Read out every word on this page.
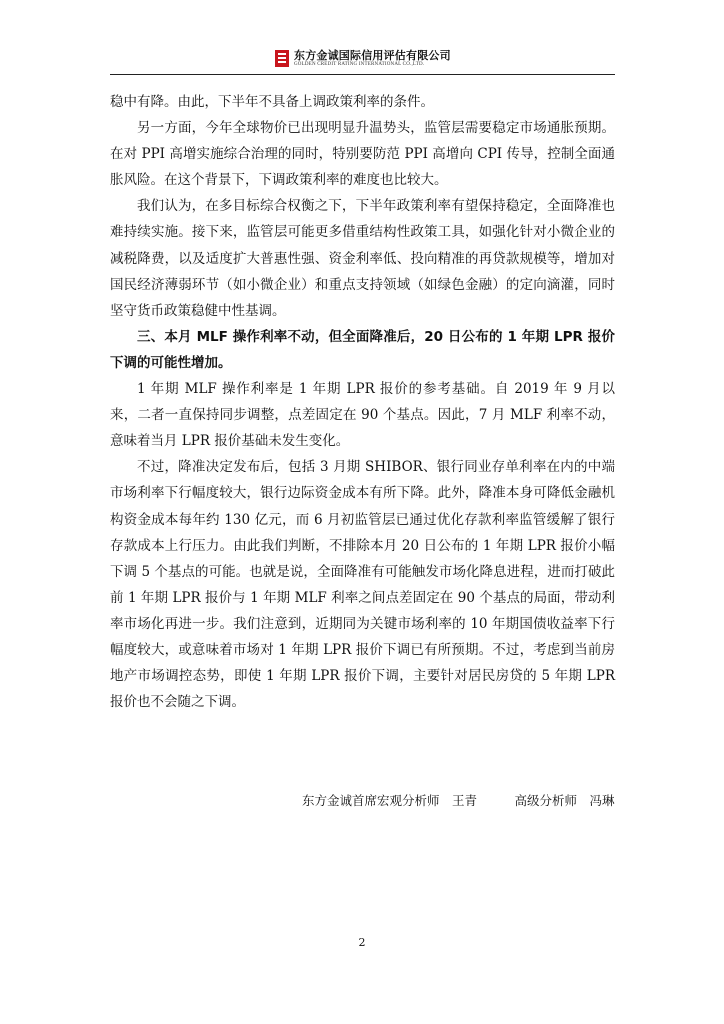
东方金诚国际信用评估有限公司
GOLDEN CREDIT RATING INTERNATIONAL CO.,LTD.

稳中有降。由此，下半年不具备上调政策利率的条件。

另一方面，今年全球物价已出现明显升温势头，监管层需要稳定市场通胀预期。在对 PPI 高增实施综合治理的同时，特别要防范 PPI 高增向 CPI 传导，控制全面通胀风险。在这个背景下，下调政策利率的难度也比较大。

我们认为，在多目标综合权衡之下，下半年政策利率有望保持稳定，全面降准也难持续实施。接下来，监管层可能更多借重结构性政策工具，如强化针对小微企业的减税降费，以及适度扩大普惠性强、资金利率低、投向精准的再贷款规模等，增加对国民经济薄弱环节（如小微企业）和重点支持领域（如绿色金融）的定向滴灌，同时坚守货币政策稳健中性基调。

三、本月 MLF 操作利率不动，但全面降准后，20 日公布的 1 年期 LPR 报价下调的可能性增加。

1 年期 MLF 操作利率是 1 年期 LPR 报价的参考基础。自 2019 年 9 月以来，二者一直保持同步调整，点差固定在 90 个基点。因此，7 月 MLF 利率不动，意味着当月 LPR 报价基础未发生变化。

不过，降准决定发布后，包括 3 月期 SHIBOR、银行同业存单利率在内的中端市场利率下行幅度较大，银行边际资金成本有所下降。此外，降准本身可降低金融机构资金成本每年约 130 亿元，而 6 月初监管层已通过优化存款利率监管缓解了银行存款成本上行压力。由此我们判断，不排除本月 20 日公布的 1 年期 LPR 报价小幅下调 5 个基点的可能。也就是说，全面降准有可能触发市场化降息进程，进而打破此前 1 年期 LPR 报价与 1 年期 MLF 利率之间点差固定在 90 个基点的局面，带动利率市场化再进一步。我们注意到，近期同为关键市场利率的 10 年期国债收益率下行幅度较大，或意味着市场对 1 年期 LPR 报价下调已有所预期。不过，考虑到当前房地产市场调控态势，即使 1 年期 LPR 报价下调，主要针对居民房贷的 5 年期 LPR 报价也不会随之下调。

东方金诚首席宏观分析师　王青　　　高级分析师　冯琳
2
